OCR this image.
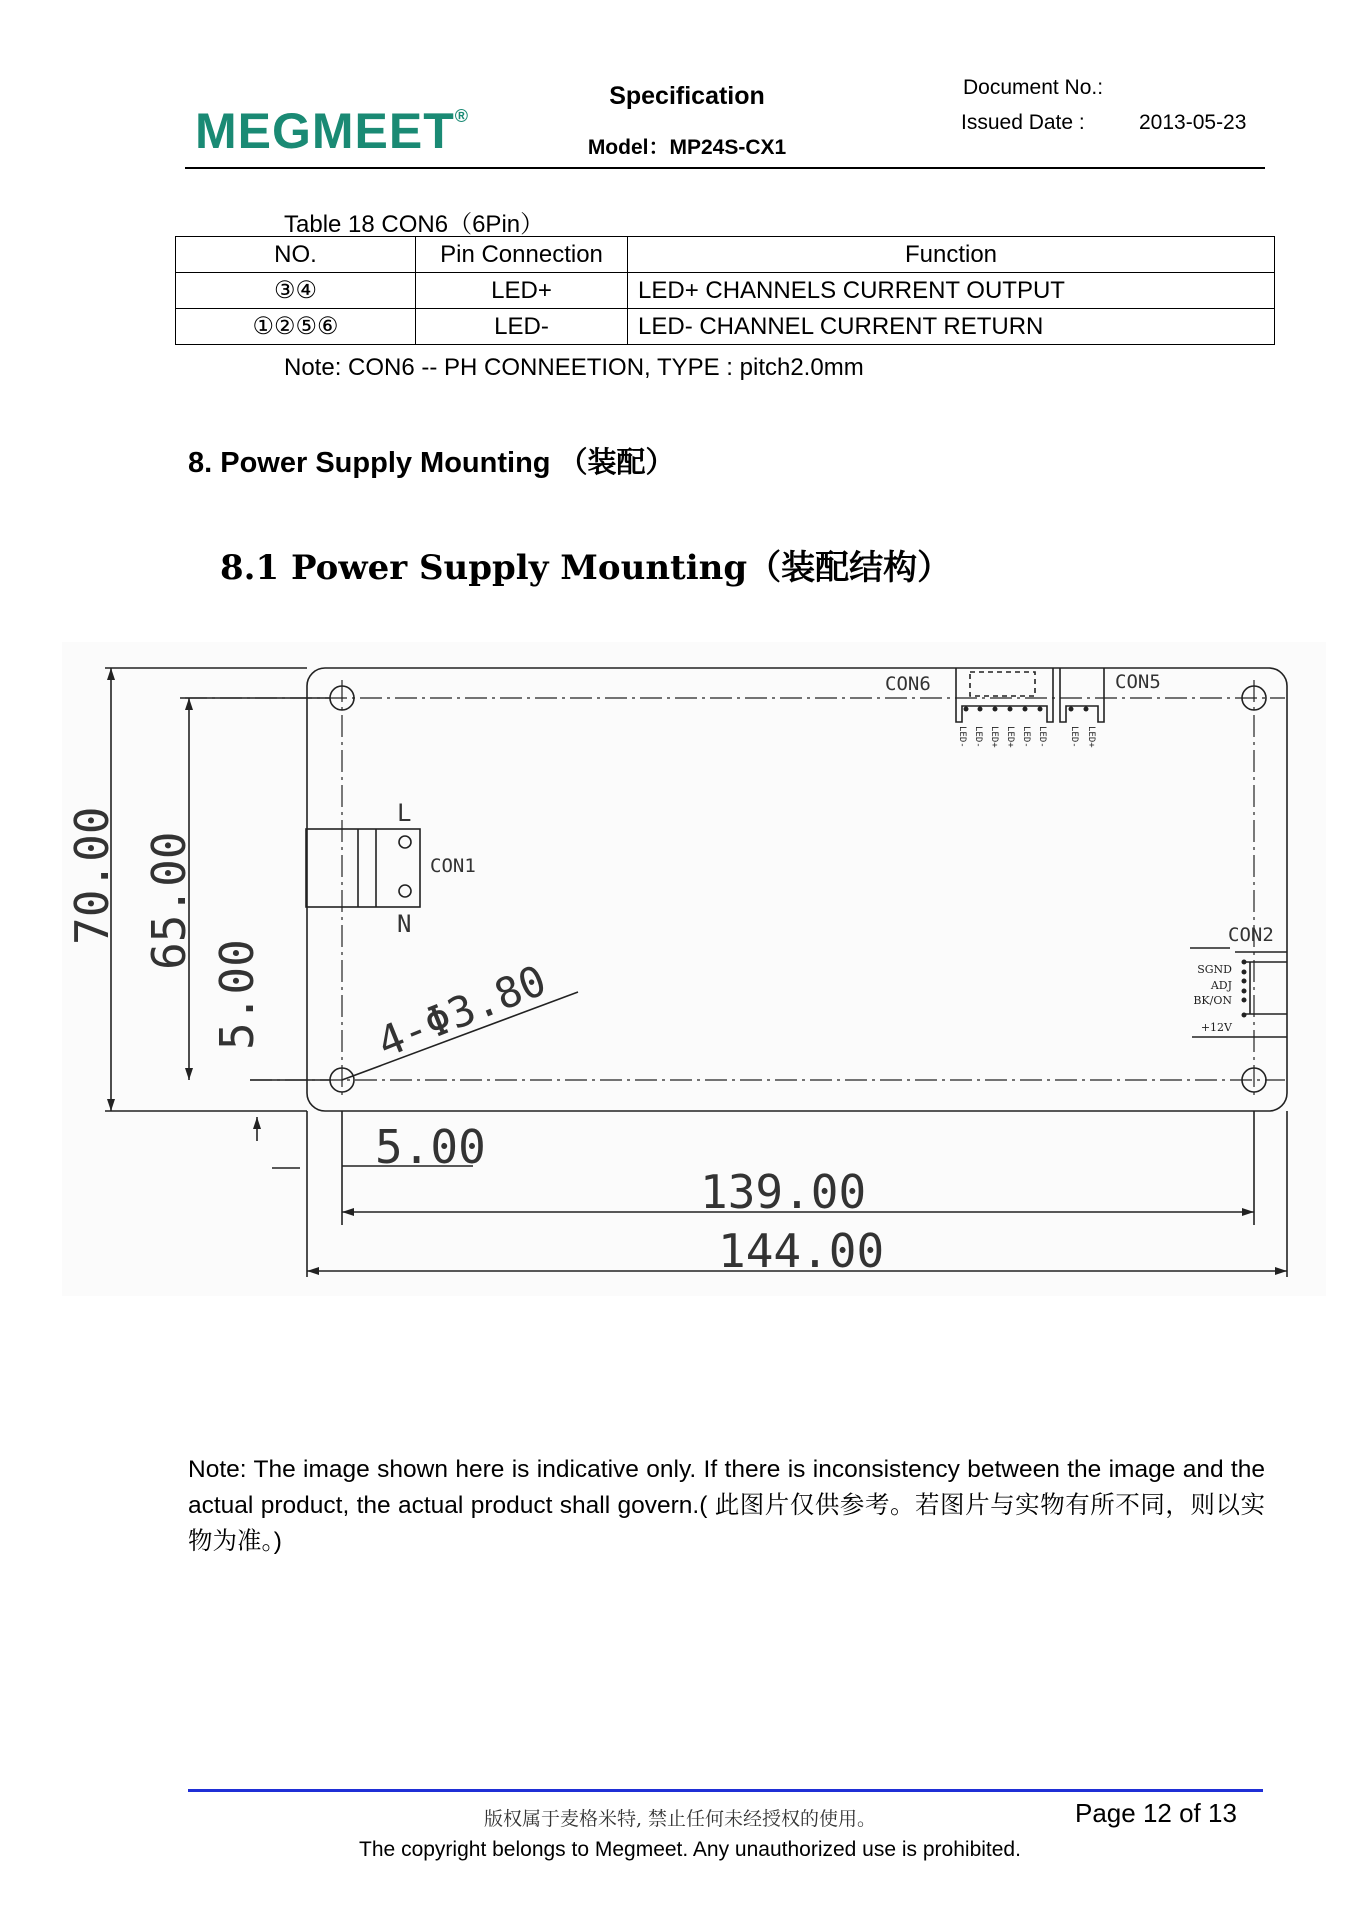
MEGMEET®
Specification
Model：MP24S-CX1
Document No.:
Issued Date :	2013-05-23
Table 18 CON6（6Pin）
NO.	Pin Connection	Function
③④	LED+	LED+ CHANNELS CURRENT OUTPUT
①②⑤⑥	LED-	LED- CHANNEL CURRENT RETURN
Note: CON6 -- PH CONNEETION, TYPE : pitch2.0mm
8. Power Supply Mounting （装配）
8.1 Power Supply Mounting（装配结构）
70.00 65.00
5.00
5.00
139.00
144.00
4-Φ3.80
L
N
CON1
CON6	CON5
CON2
LED- LED- LED+ LED+ LED- LED- LED- LED+
SGND
ADJ
BK/ON
+12V
Note: The image shown here is indicative only. If there is inconsistency between the image and the actual product, the actual product shall govern.( 此图片仅供参考。若图片与实物有所不同，则以实物为准。)
版权属于麦格米特, 禁止任何未经授权的使用。	Page 12 of 13
The copyright belongs to Megmeet. Any unauthorized use is prohibited.
